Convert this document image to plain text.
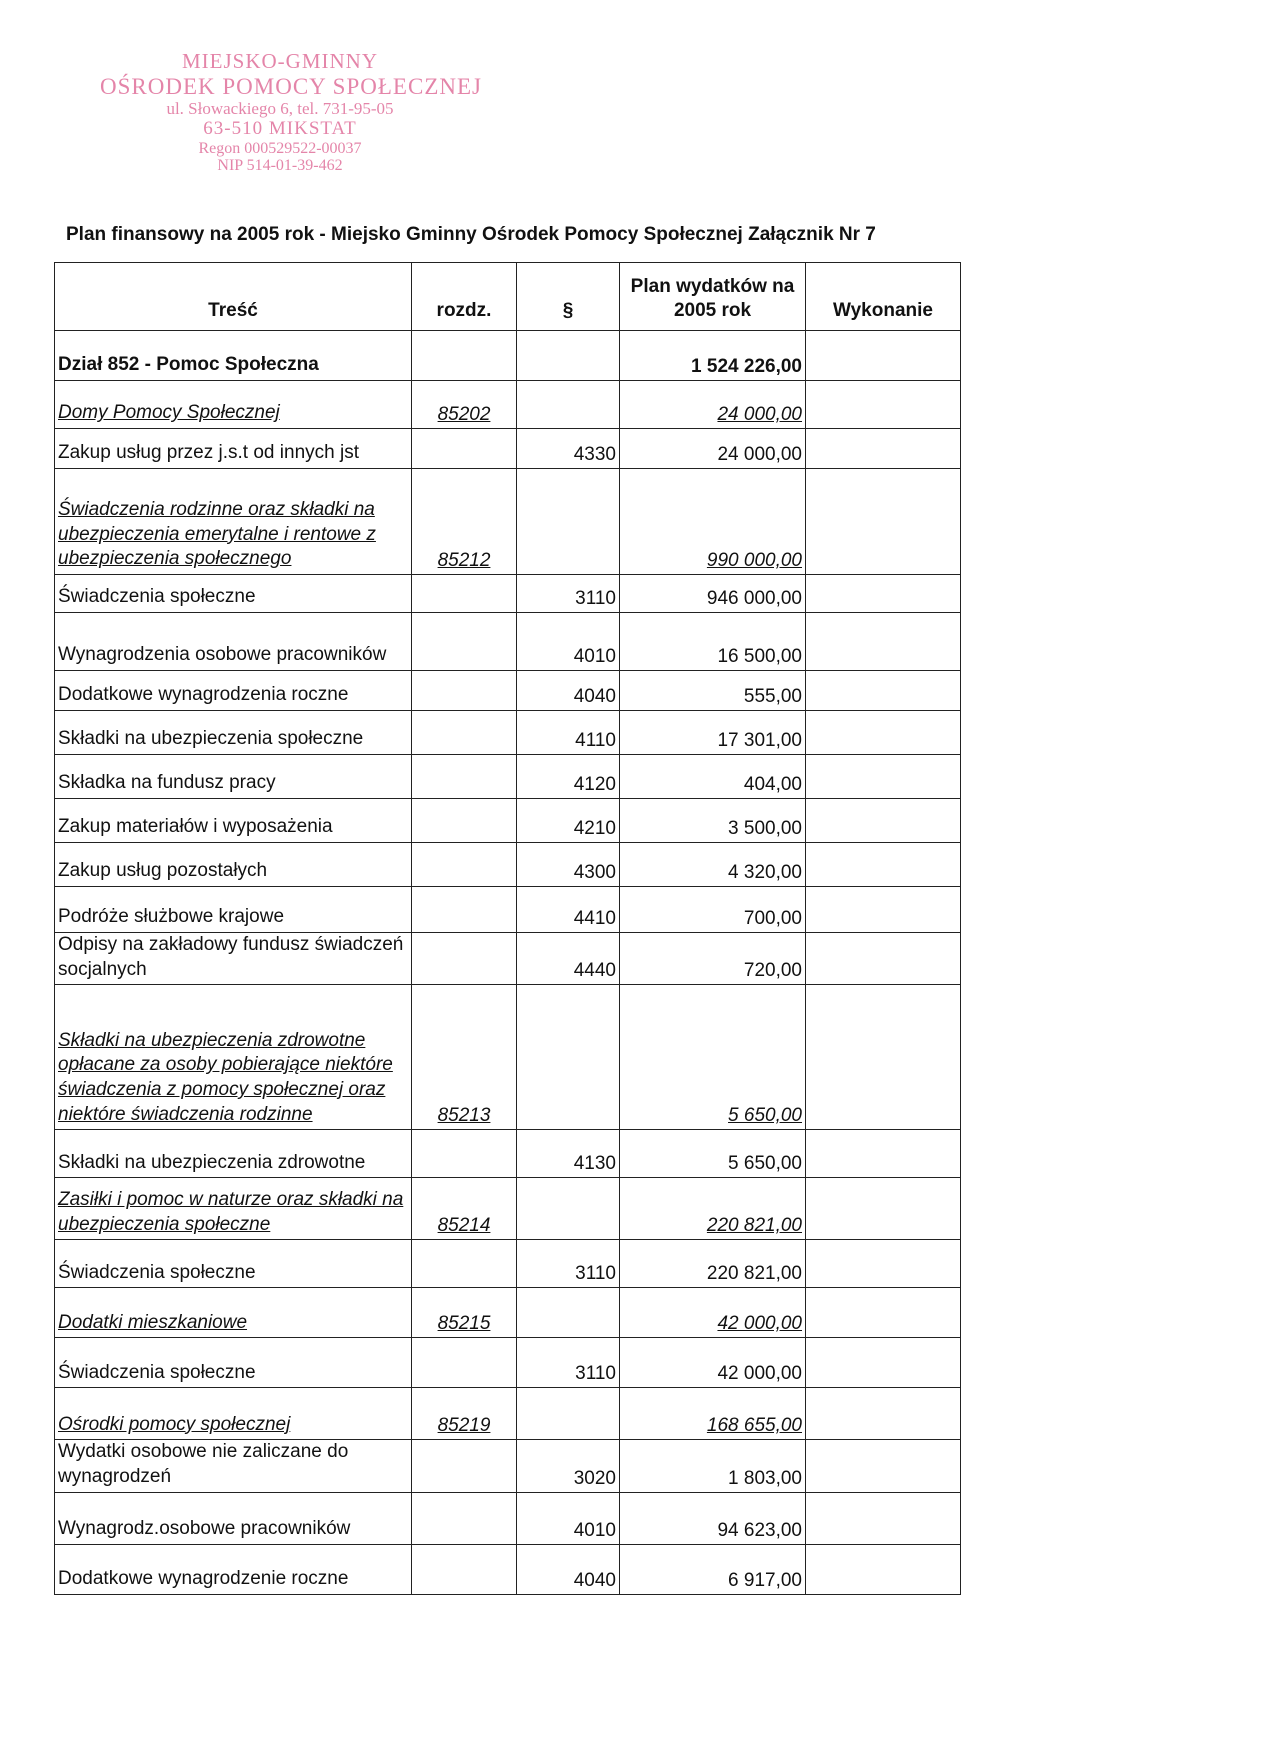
MIEJSKO-GMINNY
OŚRODEK POMOCY SPOŁECZNEJ
ul. Słowackiego 6, tel. 731-95-05
63-510 MIKSTAT
Regon 000529522-00037
NIP 514-01-39-462
Plan finansowy na 2005 rok - Miejsko Gminny Ośrodek Pomocy Społecznej Załącznik Nr 7
Treść	rozdz.	§	Plan wydatków na 2005 rok	Wykonanie
Dział 852 - Pomoc Społeczna			1 524 226,00	
Domy Pomocy Społecznej	85202		24 000,00	
Zakup usług przez j.s.t od innych jst		4330	24 000,00	
Świadczenia rodzinne oraz składki na ubezpieczenia emerytalne i rentowe z ubezpieczenia społecznego	85212		990 000,00	
Świadczenia społeczne		3110	946 000,00	
Wynagrodzenia osobowe pracowników		4010	16 500,00	
Dodatkowe wynagrodzenia roczne		4040	555,00	
Składki na ubezpieczenia społeczne		4110	17 301,00	
Składka na fundusz pracy		4120	404,00	
Zakup materiałów i wyposażenia		4210	3 500,00	
Zakup usług pozostałych		4300	4 320,00	
Podróże służbowe krajowe		4410	700,00	
Odpisy na zakładowy fundusz świadczeń socjalnych		4440	720,00	
Składki na ubezpieczenia zdrowotne opłacane za osoby pobierające niektóre świadczenia z pomocy społecznej oraz niektóre świadczenia rodzinne	85213		5 650,00	
Składki na ubezpieczenia zdrowotne		4130	5 650,00	
Zasiłki i pomoc w naturze oraz składki na ubezpieczenia społeczne	85214		220 821,00	
Świadczenia społeczne		3110	220 821,00	
Dodatki mieszkaniowe	85215		42 000,00	
Świadczenia społeczne		3110	42 000,00	
Ośrodki pomocy społecznej	85219		168 655,00	
Wydatki osobowe nie zaliczane do wynagrodzeń		3020	1 803,00	
Wynagrodz.osobowe pracowników		4010	94 623,00	
Dodatkowe wynagrodzenie roczne		4040	6 917,00	
